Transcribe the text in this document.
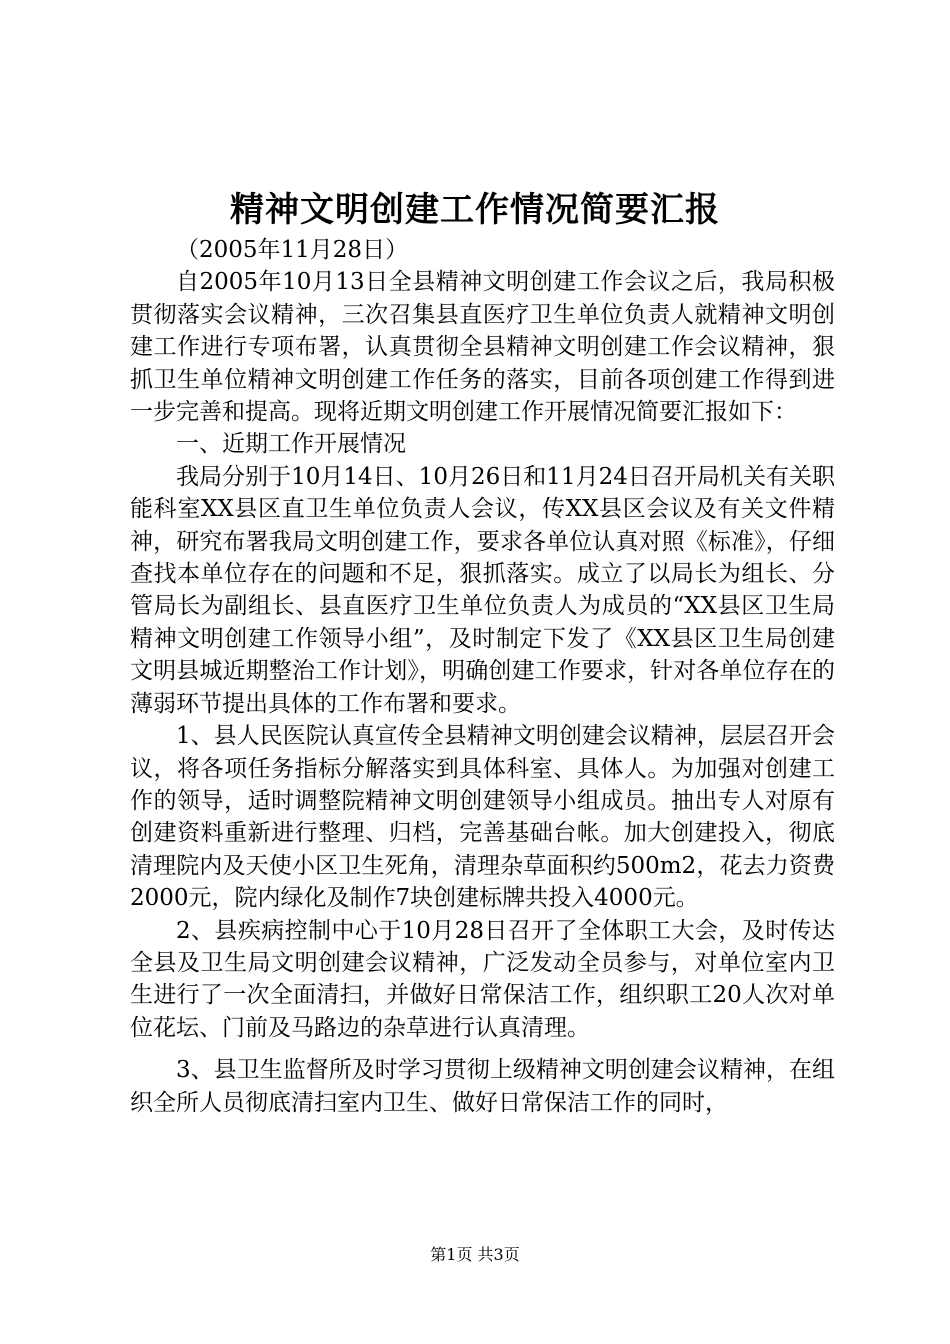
精神文明创建工作情况简要汇报

（2005年11月28日）

自2005年10月13日全县精神文明创建工作会议之后，我局积极贯彻落实会议精神，三次召集县直医疗卫生单位负责人就精神文明创建工作进行专项布署，认真贯彻全县精神文明创建工作会议精神，狠抓卫生单位精神文明创建工作任务的落实，目前各项创建工作得到进一步完善和提高。现将近期文明创建工作开展情况简要汇报如下：

一、近期工作开展情况

我局分别于10月14日、10月26日和11月24日召开局机关有关职能科室XX县区直卫生单位负责人会议，传XX县区会议及有关文件精神，研究布署我局文明创建工作，要求各单位认真对照《标准》，仔细查找本单位存在的问题和不足，狠抓落实。成立了以局长为组长、分管局长为副组长、县直医疗卫生单位负责人为成员的“XX县区卫生局精神文明创建工作领导小组”，及时制定下发了《XX县区卫生局创建文明县城近期整治工作计划》，明确创建工作要求，针对各单位存在的薄弱环节提出具体的工作布署和要求。

1、县人民医院认真宣传全县精神文明创建会议精神，层层召开会议，将各项任务指标分解落实到具体科室、具体人。为加强对创建工作的领导，适时调整院精神文明创建领导小组成员。抽出专人对原有创建资料重新进行整理、归档，完善基础台帐。加大创建投入，彻底清理院内及天使小区卫生死角，清理杂草面积约500m2，花去力资费2000元，院内绿化及制作7块创建标牌共投入4000元。

2、县疾病控制中心于10月28日召开了全体职工大会，及时传达全县及卫生局文明创建会议精神，广泛发动全员参与，对单位室内卫生进行了一次全面清扫，并做好日常保洁工作，组织职工20人次对单位花坛、门前及马路边的杂草进行认真清理。

3、县卫生监督所及时学习贯彻上级精神文明创建会议精神，在组织全所人员彻底清扫室内卫生、做好日常保洁工作的同时，

第1页 共3页
